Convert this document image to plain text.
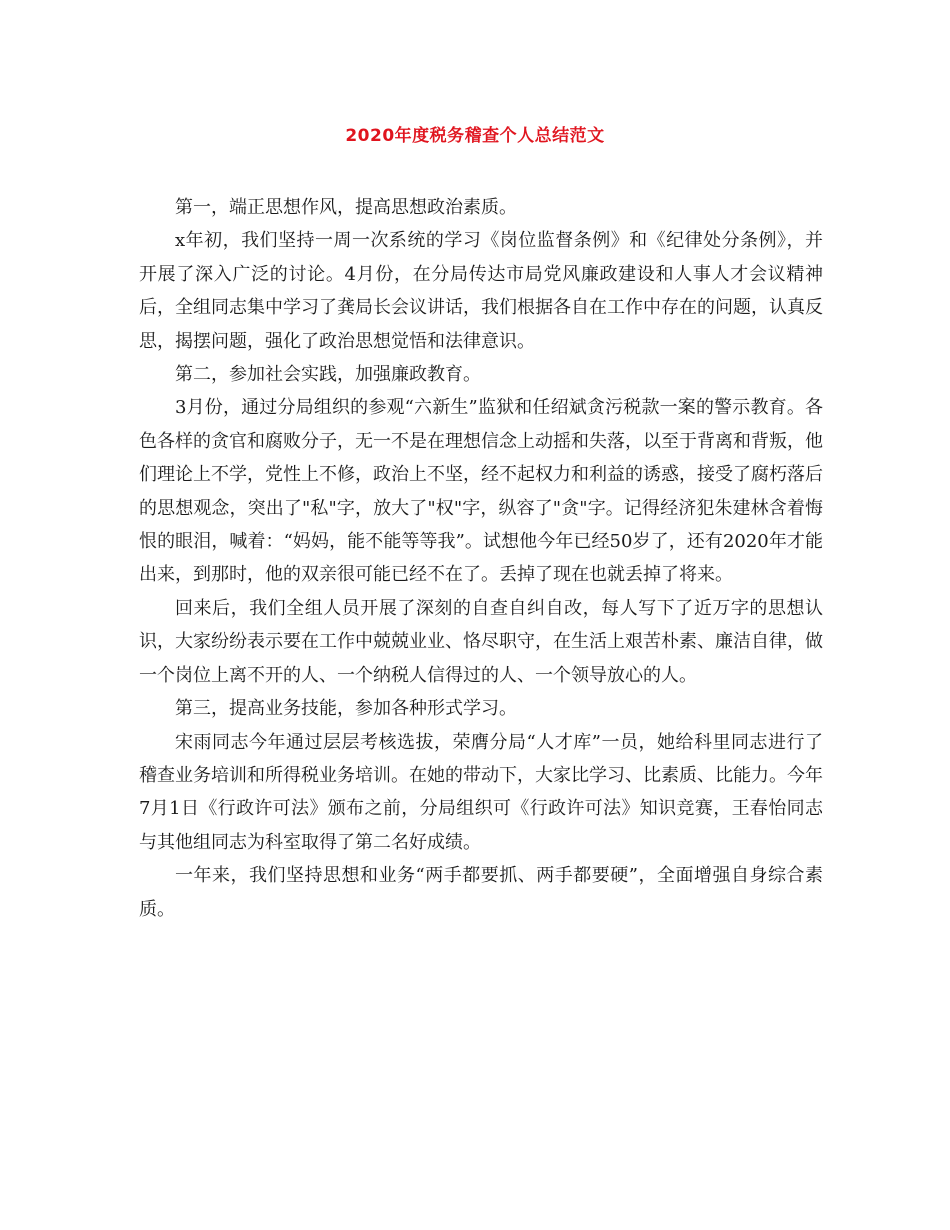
2020年度税务稽查个人总结范文

第一，端正思想作风，提高思想政治素质。

x年初，我们坚持一周一次系统的学习《岗位监督条例》和《纪律处分条例》，并开展了深入广泛的讨论。4月份，在分局传达市局党风廉政建设和人事人才会议精神后，全组同志集中学习了龚局长会议讲话，我们根据各自在工作中存在的问题，认真反思，揭摆问题，强化了政治思想觉悟和法律意识。

第二，参加社会实践，加强廉政教育。

3月份，通过分局组织的参观“六新生”监狱和任绍斌贪污税款一案的警示教育。各色各样的贪官和腐败分子，无一不是在理想信念上动摇和失落，以至于背离和背叛，他们理论上不学，党性上不修，政治上不坚，经不起权力和利益的诱惑，接受了腐朽落后的思想观念，突出了"私"字，放大了"权"字，纵容了"贪"字。记得经济犯朱建林含着悔恨的眼泪，喊着：“妈妈，能不能等等我”。试想他今年已经50岁了，还有2020年才能出来，到那时，他的双亲很可能已经不在了。丢掉了现在也就丢掉了将来。

回来后，我们全组人员开展了深刻的自查自纠自改，每人写下了近万字的思想认识，大家纷纷表示要在工作中兢兢业业、恪尽职守，在生活上艰苦朴素、廉洁自律，做一个岗位上离不开的人、一个纳税人信得过的人、一个领导放心的人。

第三，提高业务技能，参加各种形式学习。

宋雨同志今年通过层层考核选拔，荣膺分局“人才库”一员，她给科里同志进行了稽查业务培训和所得税业务培训。在她的带动下，大家比学习、比素质、比能力。今年7月1日《行政许可法》颁布之前，分局组织可《行政许可法》知识竞赛，王春怡同志与其他组同志为科室取得了第二名好成绩。

一年来，我们坚持思想和业务“两手都要抓、两手都要硬”，全面增强自身综合素质。
